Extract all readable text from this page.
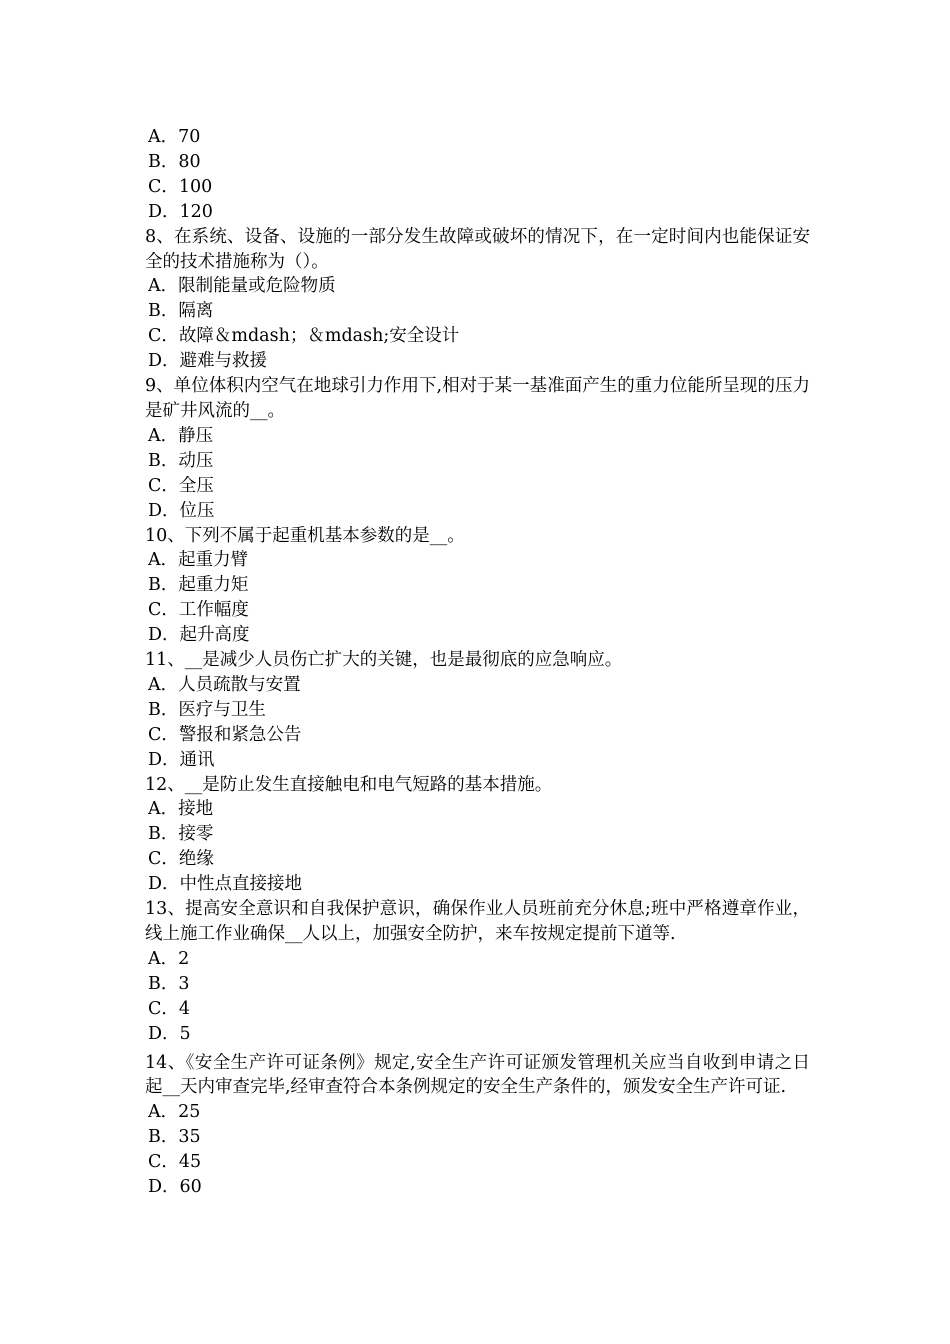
A．70
B．80
C．100
D．120
8、在系统、设备、设施的一部分发生故障或破坏的情况下，在一定时间内也能保证安全的技术措施称为（）。
A．限制能量或危险物质
B．隔离
C．故障＆mdash；＆mdash;安全设计
D．避难与救援
9、单位体积内空气在地球引力作用下,相对于某一基准面产生的重力位能所呈现的压力是矿井风流的__。
A．静压
B．动压
C．全压
D．位压
10、下列不属于起重机基本参数的是__。
A．起重力臂
B．起重力矩
C．工作幅度
D．起升高度
11、__是减少人员伤亡扩大的关键，也是最彻底的应急响应。
A．人员疏散与安置
B．医疗与卫生
C．警报和紧急公告
D．通讯
12、__是防止发生直接触电和电气短路的基本措施。
A．接地
B．接零
C．绝缘
D．中性点直接接地
13、提高安全意识和自我保护意识，确保作业人员班前充分休息;班中严格遵章作业，线上施工作业确保__人以上，加强安全防护，来车按规定提前下道等.
A．2
B．3
C．4
D．5
14、《安全生产许可证条例》规定,安全生产许可证颁发管理机关应当自收到申请之日起__天内审查完毕,经审查符合本条例规定的安全生产条件的，颁发安全生产许可证.
A．25
B．35
C．45
D．60
